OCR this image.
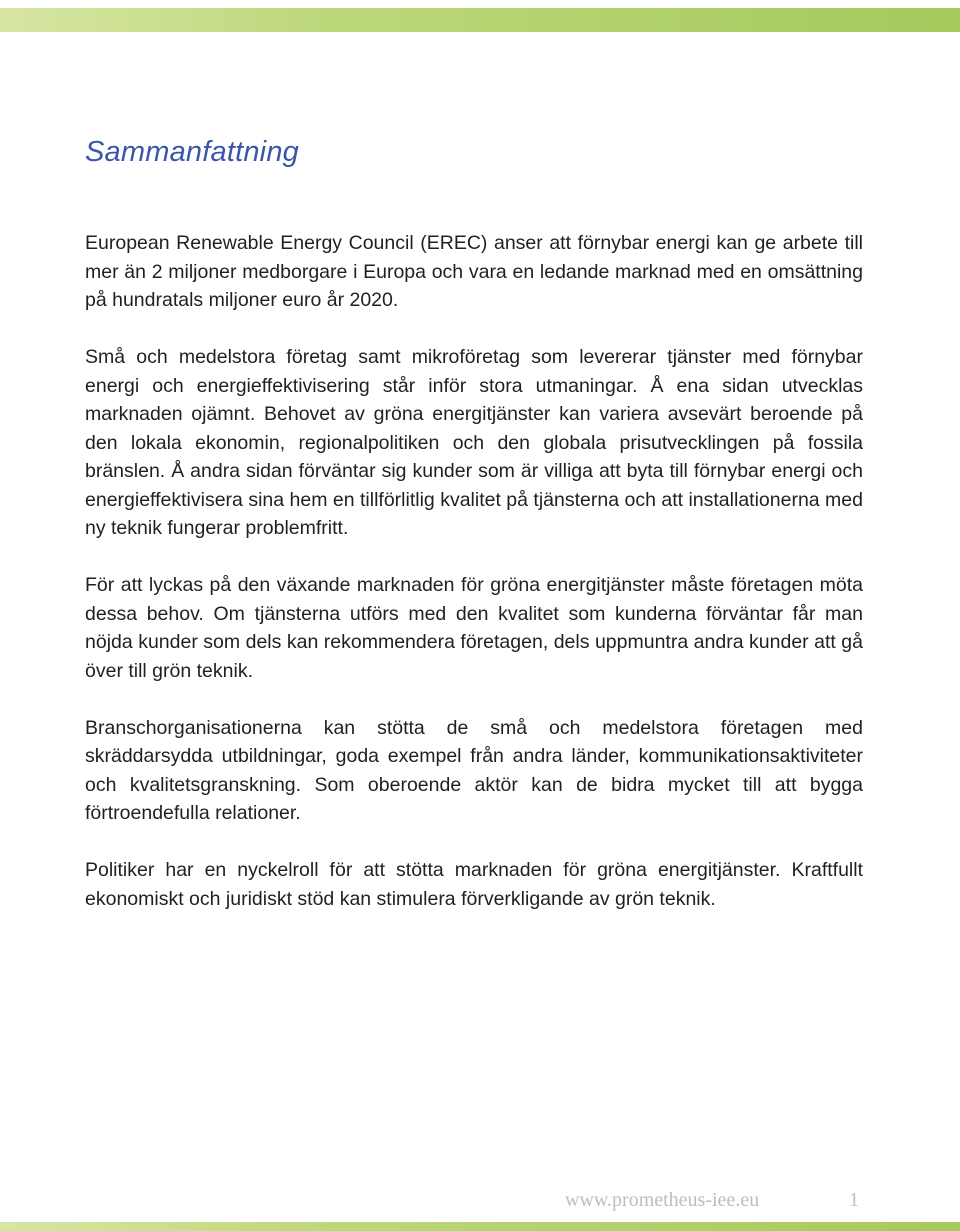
Sammanfattning

European Renewable Energy Council (EREC) anser att förnybar energi kan ge arbete till mer än 2 miljoner medborgare i Europa och vara en ledande marknad med en omsättning på hundratals miljoner euro år 2020.

Små och medelstora företag samt mikroföretag som levererar tjänster med förnybar energi och energieffektivisering står inför stora utmaningar. Å ena sidan utvecklas marknaden ojämnt. Behovet av gröna energitjänster kan variera avsevärt beroende på den lokala ekonomin, regionalpolitiken och den globala prisutvecklingen på fossila bränslen. Å andra sidan förväntar sig kunder som är villiga att byta till förnybar energi och energieffektivisera sina hem en tillförlitlig kvalitet på tjänsterna och att installationerna med ny teknik fungerar problemfritt.

För att lyckas på den växande marknaden för gröna energitjänster måste företagen möta dessa behov. Om tjänsterna utförs med den kvalitet som kunderna förväntar får man nöjda kunder som dels kan rekommendera företagen, dels uppmuntra andra kunder att gå över till grön teknik.

Branschorganisationerna kan stötta de små och medelstora företagen med skräddarsydda utbildningar, goda exempel från andra länder, kommunikationsaktiviteter och kvalitetsgranskning. Som oberoende aktör kan de bidra mycket till att bygga förtroendefulla relationer.

Politiker har en nyckelroll för att stötta marknaden för gröna energitjänster. Kraftfullt ekonomiskt och juridiskt stöd kan stimulera förverkligande av grön teknik.

www.prometheus-iee.eu	1
